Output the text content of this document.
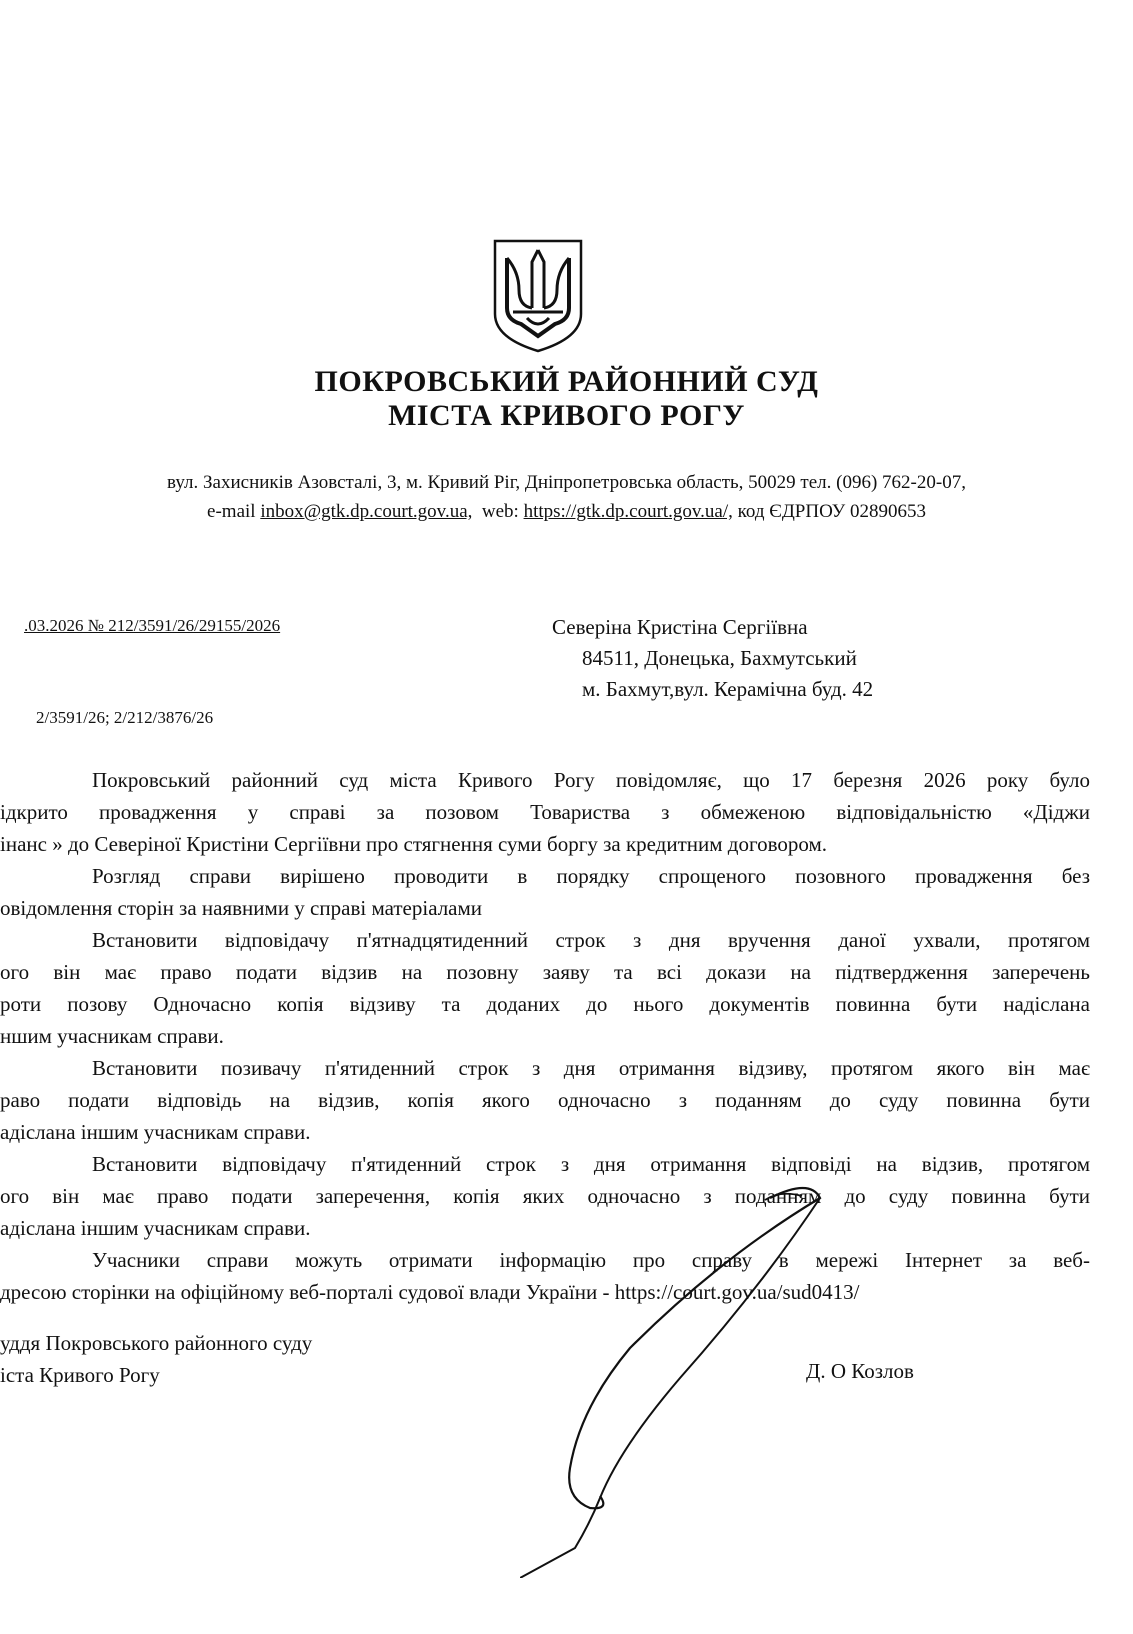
ПОКРОВСЬКИЙ РАЙОННИЙ СУД
МІСТА КРИВОГО РОГУ
вул. Захисників Азовсталі, 3, м. Кривий Ріг, Дніпропетровська область, 50029 тел. (096) 762-20-07,
e-mail inbox@gtk.dp.court.gov.ua, web: https://gtk.dp.court.gov.ua/, код ЄДРПОУ 02890653
.03.2026 № 212/3591/26/29155/2026
2/3591/26; 2/212/3876/26
Северіна Кристіна Сергіївна
84511, Донецька, Бахмутський
м. Бахмут,вул. Керамічна буд. 42
Покровський районний суд міста Кривого Рогу повідомляє, що 17 березня 2026 року було
ідкрито провадження у справі за позовом Товариства з обмеженою відповідальністю «Діджи
інанс » до Северіної Кристіни Сергіївни про стягнення суми боргу за кредитним договором.
Розгляд справи вирішено проводити в порядку спрощеного позовного провадження без
овідомлення сторін за наявними у справі матеріалами
Встановити відповідачу п'ятнадцятиденний строк з дня вручення даної ухвали, протягом
ого він має право подати відзив на позовну заяву та всі докази на підтвердження заперечень
роти позову Одночасно копія відзиву та доданих до нього документів повинна бути надіслана
ншим учасникам справи.
Встановити позивачу п'ятиденний строк з дня отримання відзиву, протягом якого він має
раво подати відповідь на відзив, копія якого одночасно з поданням до суду повинна бути
адіслана іншим учасникам справи.
Встановити відповідачу п'ятиденний строк з дня отримання відповіді на відзив, протягом
ого він має право подати заперечення, копія яких одночасно з поданням до суду повинна бути
адіслана іншим учасникам справи.
Учасники справи можуть отримати інформацію про справу в мережі Інтернет за веб-
дресою сторінки на офіційному веб-порталі судової влади України - https://court.gov.ua/sud0413/
уддя Покровського районного суду
іста Кривого Рогу	Д. О Козлов
